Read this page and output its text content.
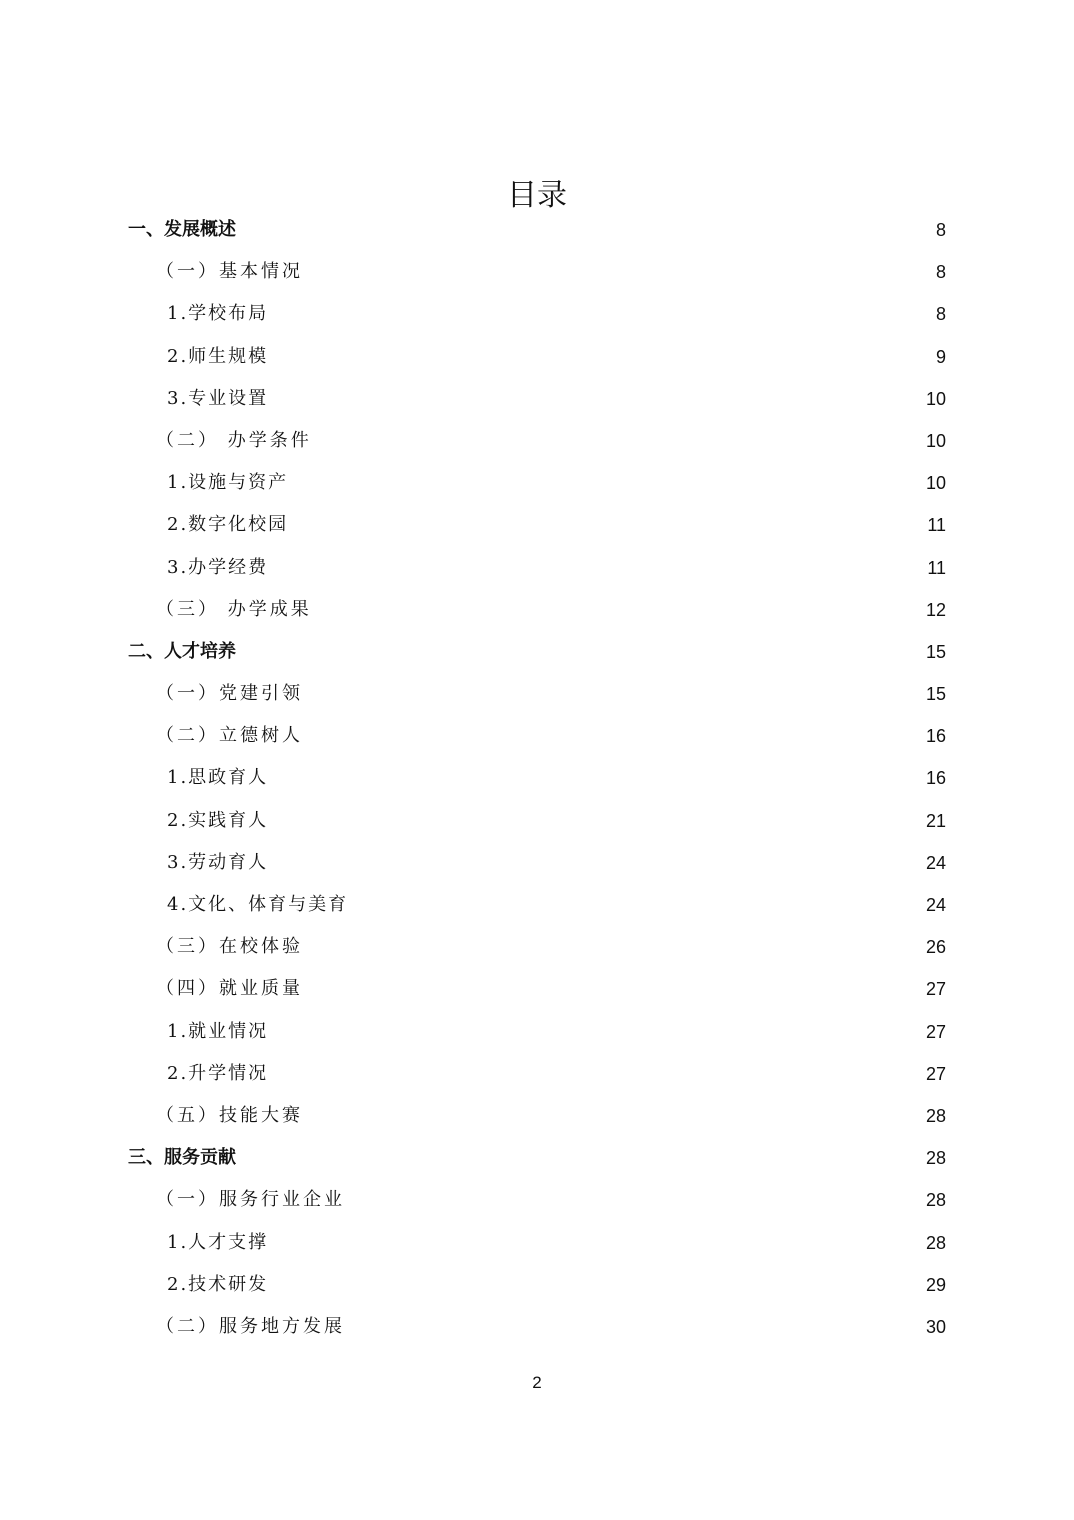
目录
一、发展概述	8
（一）基本情况	8
1.学校布局	8
2.师生规模	9
3.专业设置	10
（二） 办学条件	10
1.设施与资产	10
2.数字化校园	11
3.办学经费	11
（三） 办学成果	12
二、人才培养	15
（一）党建引领	15
（二）立德树人	16
1.思政育人	16
2.实践育人	21
3.劳动育人	24
4.文化、体育与美育	24
（三）在校体验	26
（四）就业质量	27
1.就业情况	27
2.升学情况	27
（五）技能大赛	28
三、服务贡献	28
（一）服务行业企业	28
1.人才支撑	28
2.技术研发	29
（二）服务地方发展	30
2
